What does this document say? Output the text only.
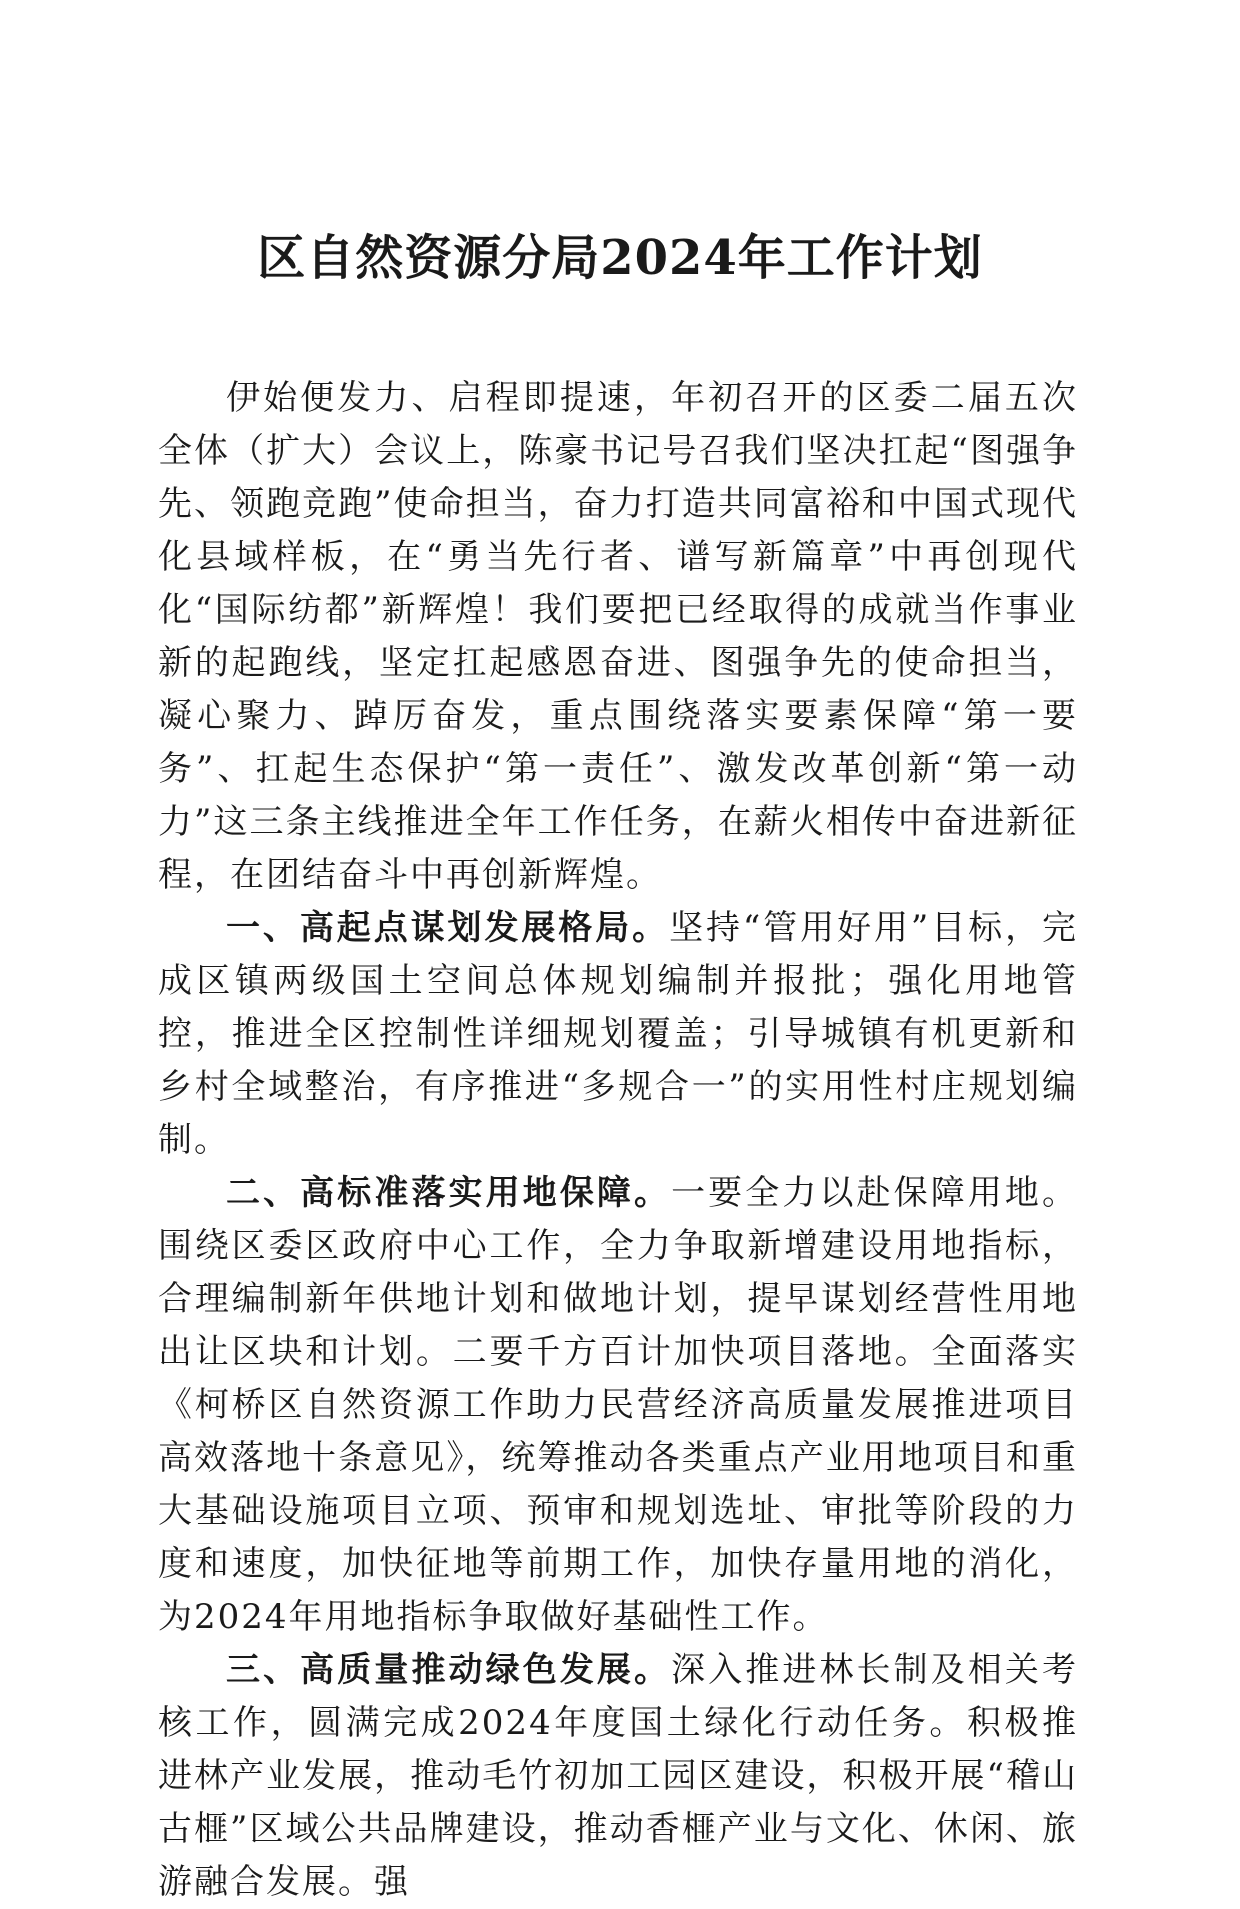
区自然资源分局2024年工作计划

伊始便发力、启程即提速，年初召开的区委二届五次全体（扩大）会议上，陈豪书记号召我们坚决扛起“图强争先、领跑竞跑”使命担当，奋力打造共同富裕和中国式现代化县域样板，在“勇当先行者、谱写新篇章”中再创现代化“国际纺都”新辉煌！我们要把已经取得的成就当作事业新的起跑线，坚定扛起感恩奋进、图强争先的使命担当，凝心聚力、踔厉奋发，重点围绕落实要素保障“第一要务”、扛起生态保护“第一责任”、激发改革创新“第一动力”这三条主线推进全年工作任务，在薪火相传中奋进新征程，在团结奋斗中再创新辉煌。

一、高起点谋划发展格局。坚持“管用好用”目标，完成区镇两级国土空间总体规划编制并报批；强化用地管控，推进全区控制性详细规划覆盖；引导城镇有机更新和乡村全域整治，有序推进“多规合一”的实用性村庄规划编制。

二、高标准落实用地保障。一要全力以赴保障用地。围绕区委区政府中心工作，全力争取新增建设用地指标，合理编制新年供地计划和做地计划，提早谋划经营性用地出让区块和计划。二要千方百计加快项目落地。全面落实《柯桥区自然资源工作助力民营经济高质量发展推进项目高效落地十条意见》，统筹推动各类重点产业用地项目和重大基础设施项目立项、预审和规划选址、审批等阶段的力度和速度，加快征地等前期工作，加快存量用地的消化，为2024年用地指标争取做好基础性工作。

三、高质量推动绿色发展。深入推进林长制及相关考核工作，圆满完成2024年度国土绿化行动任务。积极推进林产业发展，推动毛竹初加工园区建设，积极开展“稽山古榧”区域公共品牌建设，推动香榧产业与文化、休闲、旅游融合发展。强
